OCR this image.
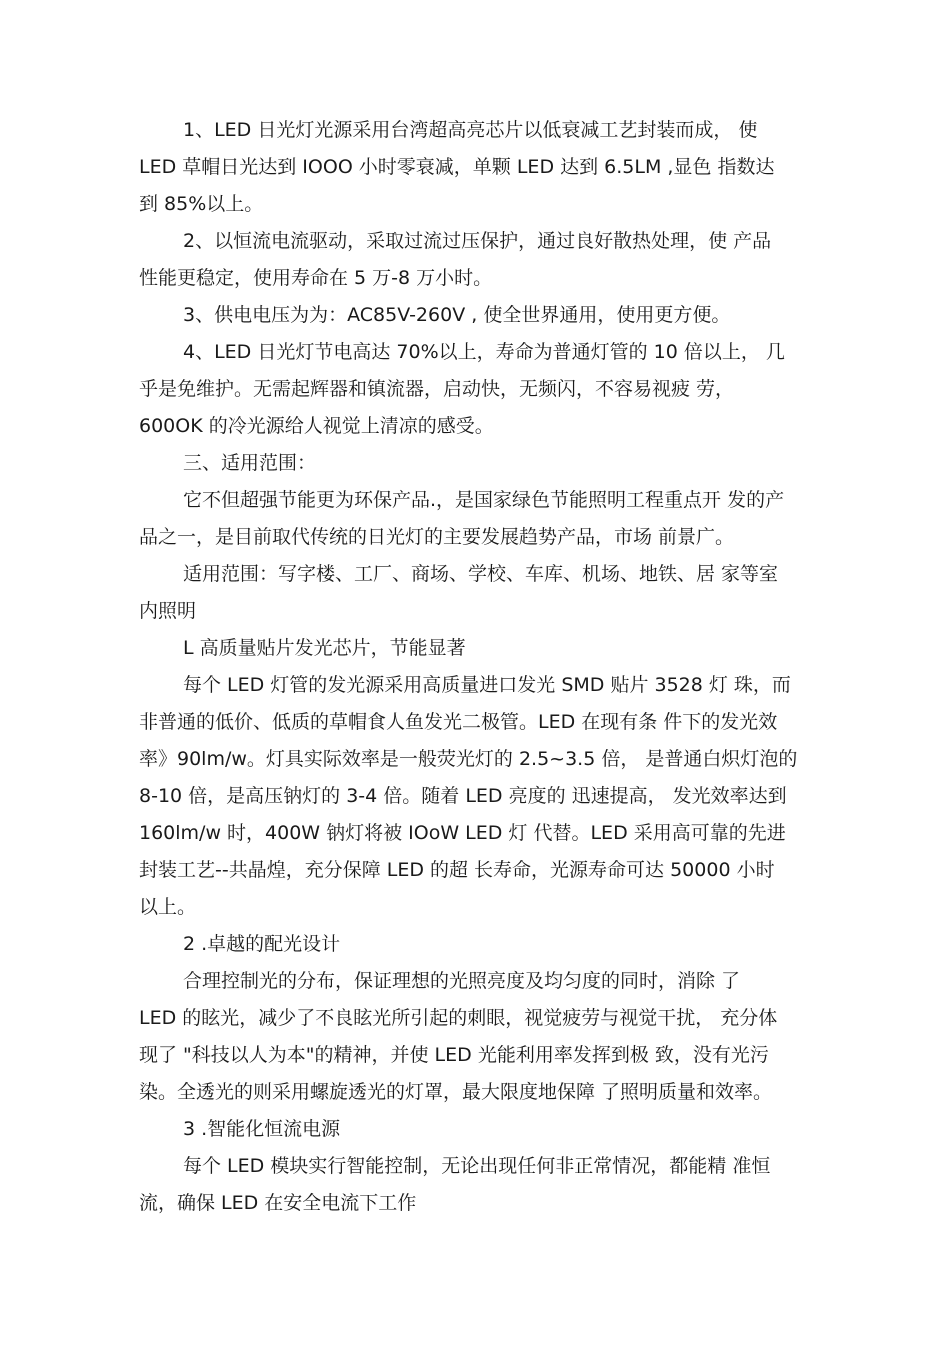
1、LED 日光灯光源采用台湾超高亮芯片以低衰减工艺封装而成， 使
LED 草帽日光达到 IOOO 小时零衰减，单颗 LED 达到 6.5LM ,显色 指数达
到 85%以上。
2、以恒流电流驱动，采取过流过压保护，通过良好散热处理，使 产品
性能更稳定，使用寿命在 5 万-8 万小时。
3、供电电压为为：AC85V-260V , 使全世界通用，使用更方便。
4、LED 日光灯节电高达 70%以上，寿命为普通灯管的 10 倍以上， 几
乎是免维护。无需起辉器和镇流器，启动快，无频闪，不容易视疲 劳，
600OK 的冷光源给人视觉上清凉的感受。
三、适用范围：
它不但超强节能更为环保产品.，是国家绿色节能照明工程重点开 发的产
品之一，是目前取代传统的日光灯的主要发展趋势产品，市场 前景广。
适用范围：写字楼、工厂、商场、学校、车库、机场、地铁、居 家等室
内照明
L 高质量贴片发光芯片，节能显著
每个 LED 灯管的发光源采用高质量进口发光 SMD 贴片 3528 灯 珠，而
非普通的低价、低质的草帽食人鱼发光二极管。LED 在现有条 件下的发光效
率》90lm/w。灯具实际效率是一般荧光灯的 2.5~3.5 倍， 是普通白炽灯泡的
8-10 倍，是高压钠灯的 3-4 倍。随着 LED 亮度的 迅速提高， 发光效率达到
160lm/w 时，400W 钠灯将被 IOoW LED 灯 代替。LED 采用高可靠的先进
封装工艺--共晶煌，充分保障 LED 的超 长寿命，光源寿命可达 50000 小时
以上。
2 .卓越的配光设计
合理控制光的分布，保证理想的光照亮度及均匀度的同时，消除 了
LED 的眩光，减少了不良眩光所引起的刺眼，视觉疲劳与视觉干扰， 充分体
现了 "科技以人为本"的精神，并使 LED 光能利用率发挥到极 致，没有光污
染。全透光的则采用螺旋透光的灯罩，最大限度地保障 了照明质量和效率。
3 .智能化恒流电源
每个 LED 模块实行智能控制，无论出现任何非正常情况，都能精 准恒
流，确保 LED 在安全电流下工作
